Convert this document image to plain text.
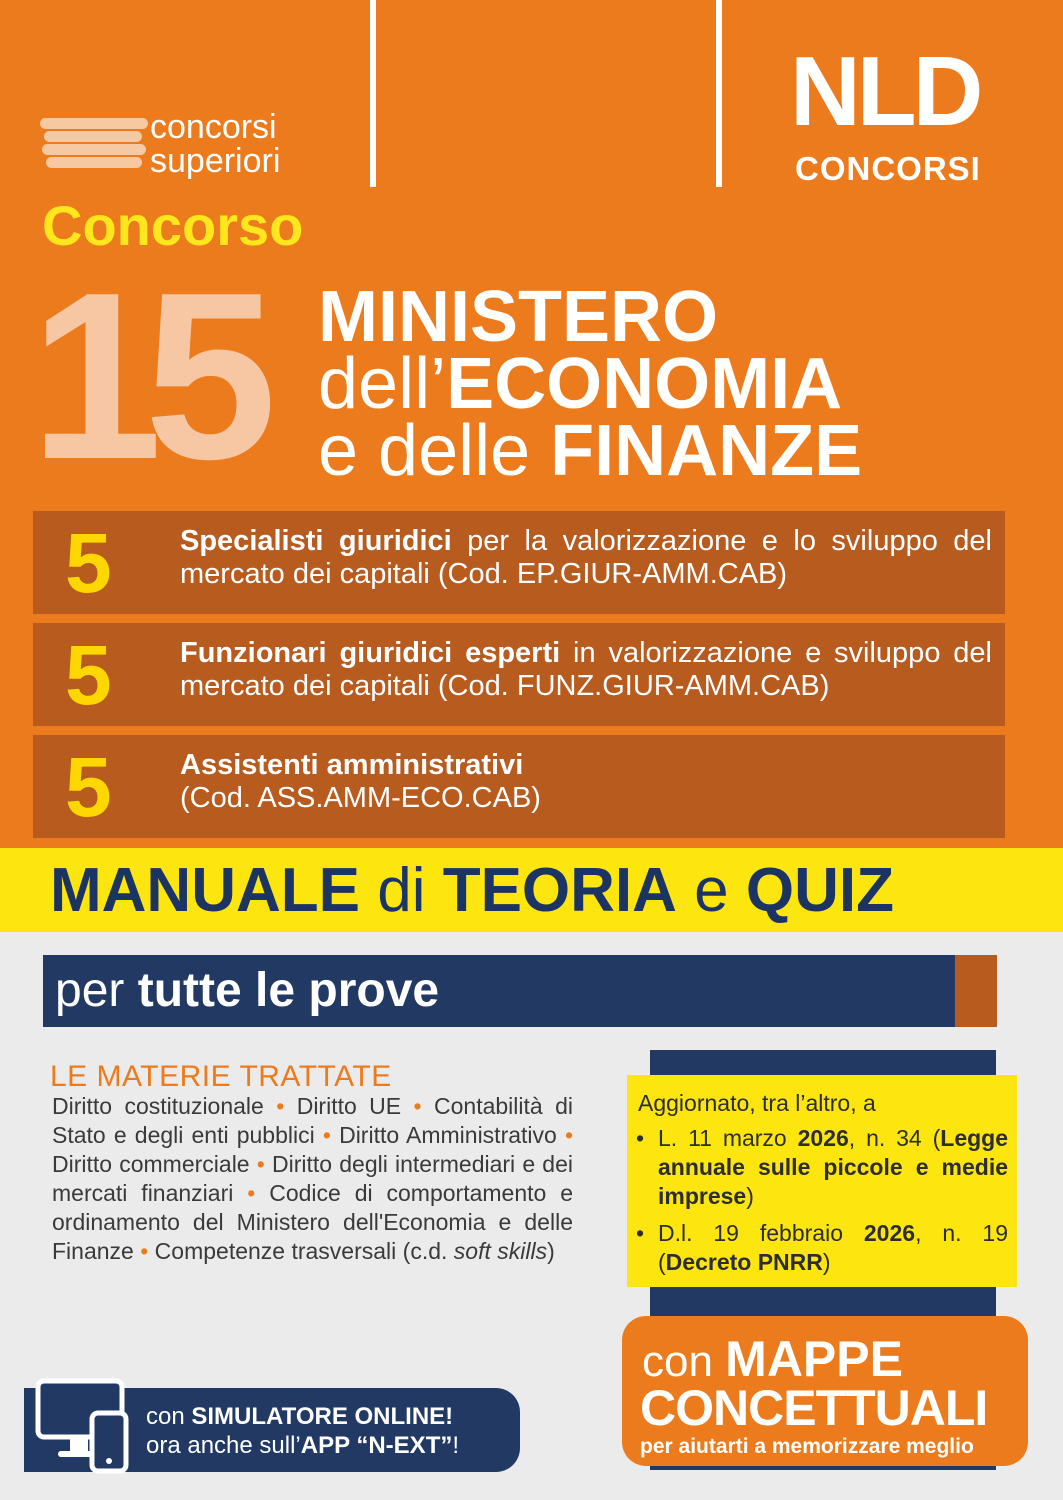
concorsi
superiori
NLD
CONCORSI
Concorso
15 MINISTERO
dell’ECONOMIA
e delle FINANZE
5 Specialisti giuridici per la valorizzazione e lo sviluppo del mercato dei capitali (Cod. EP.GIUR-AMM.CAB)
5 Funzionari giuridici esperti in valorizzazione e sviluppo del mercato dei capitali (Cod. FUNZ.GIUR-AMM.CAB)
5 Assistenti amministrativi
(Cod. ASS.AMM-ECO.CAB)
MANUALE di TEORIA e QUIZ
per tutte le prove
LE MATERIE TRATTATE
Diritto costituzionale • Diritto UE • Contabilità di Stato e degli enti pubblici • Diritto Amministrativo • Diritto commerciale • Diritto degli intermediari e dei mercati finanziari • Codice di comportamento e ordinamento del Ministero dell'Economia e delle Finanze • Competenze trasversali (c.d. soft skills)
Aggiornato, tra l’altro, a
• L. 11 marzo 2026, n. 34 (Legge annuale sulle piccole e medie imprese)
• D.l. 19 febbraio 2026, n. 19 (Decreto PNRR)
con MAPPE
CONCETTUALI
per aiutarti a memorizzare meglio
con SIMULATORE ONLINE!
ora anche sull’APP “N-EXT”!
